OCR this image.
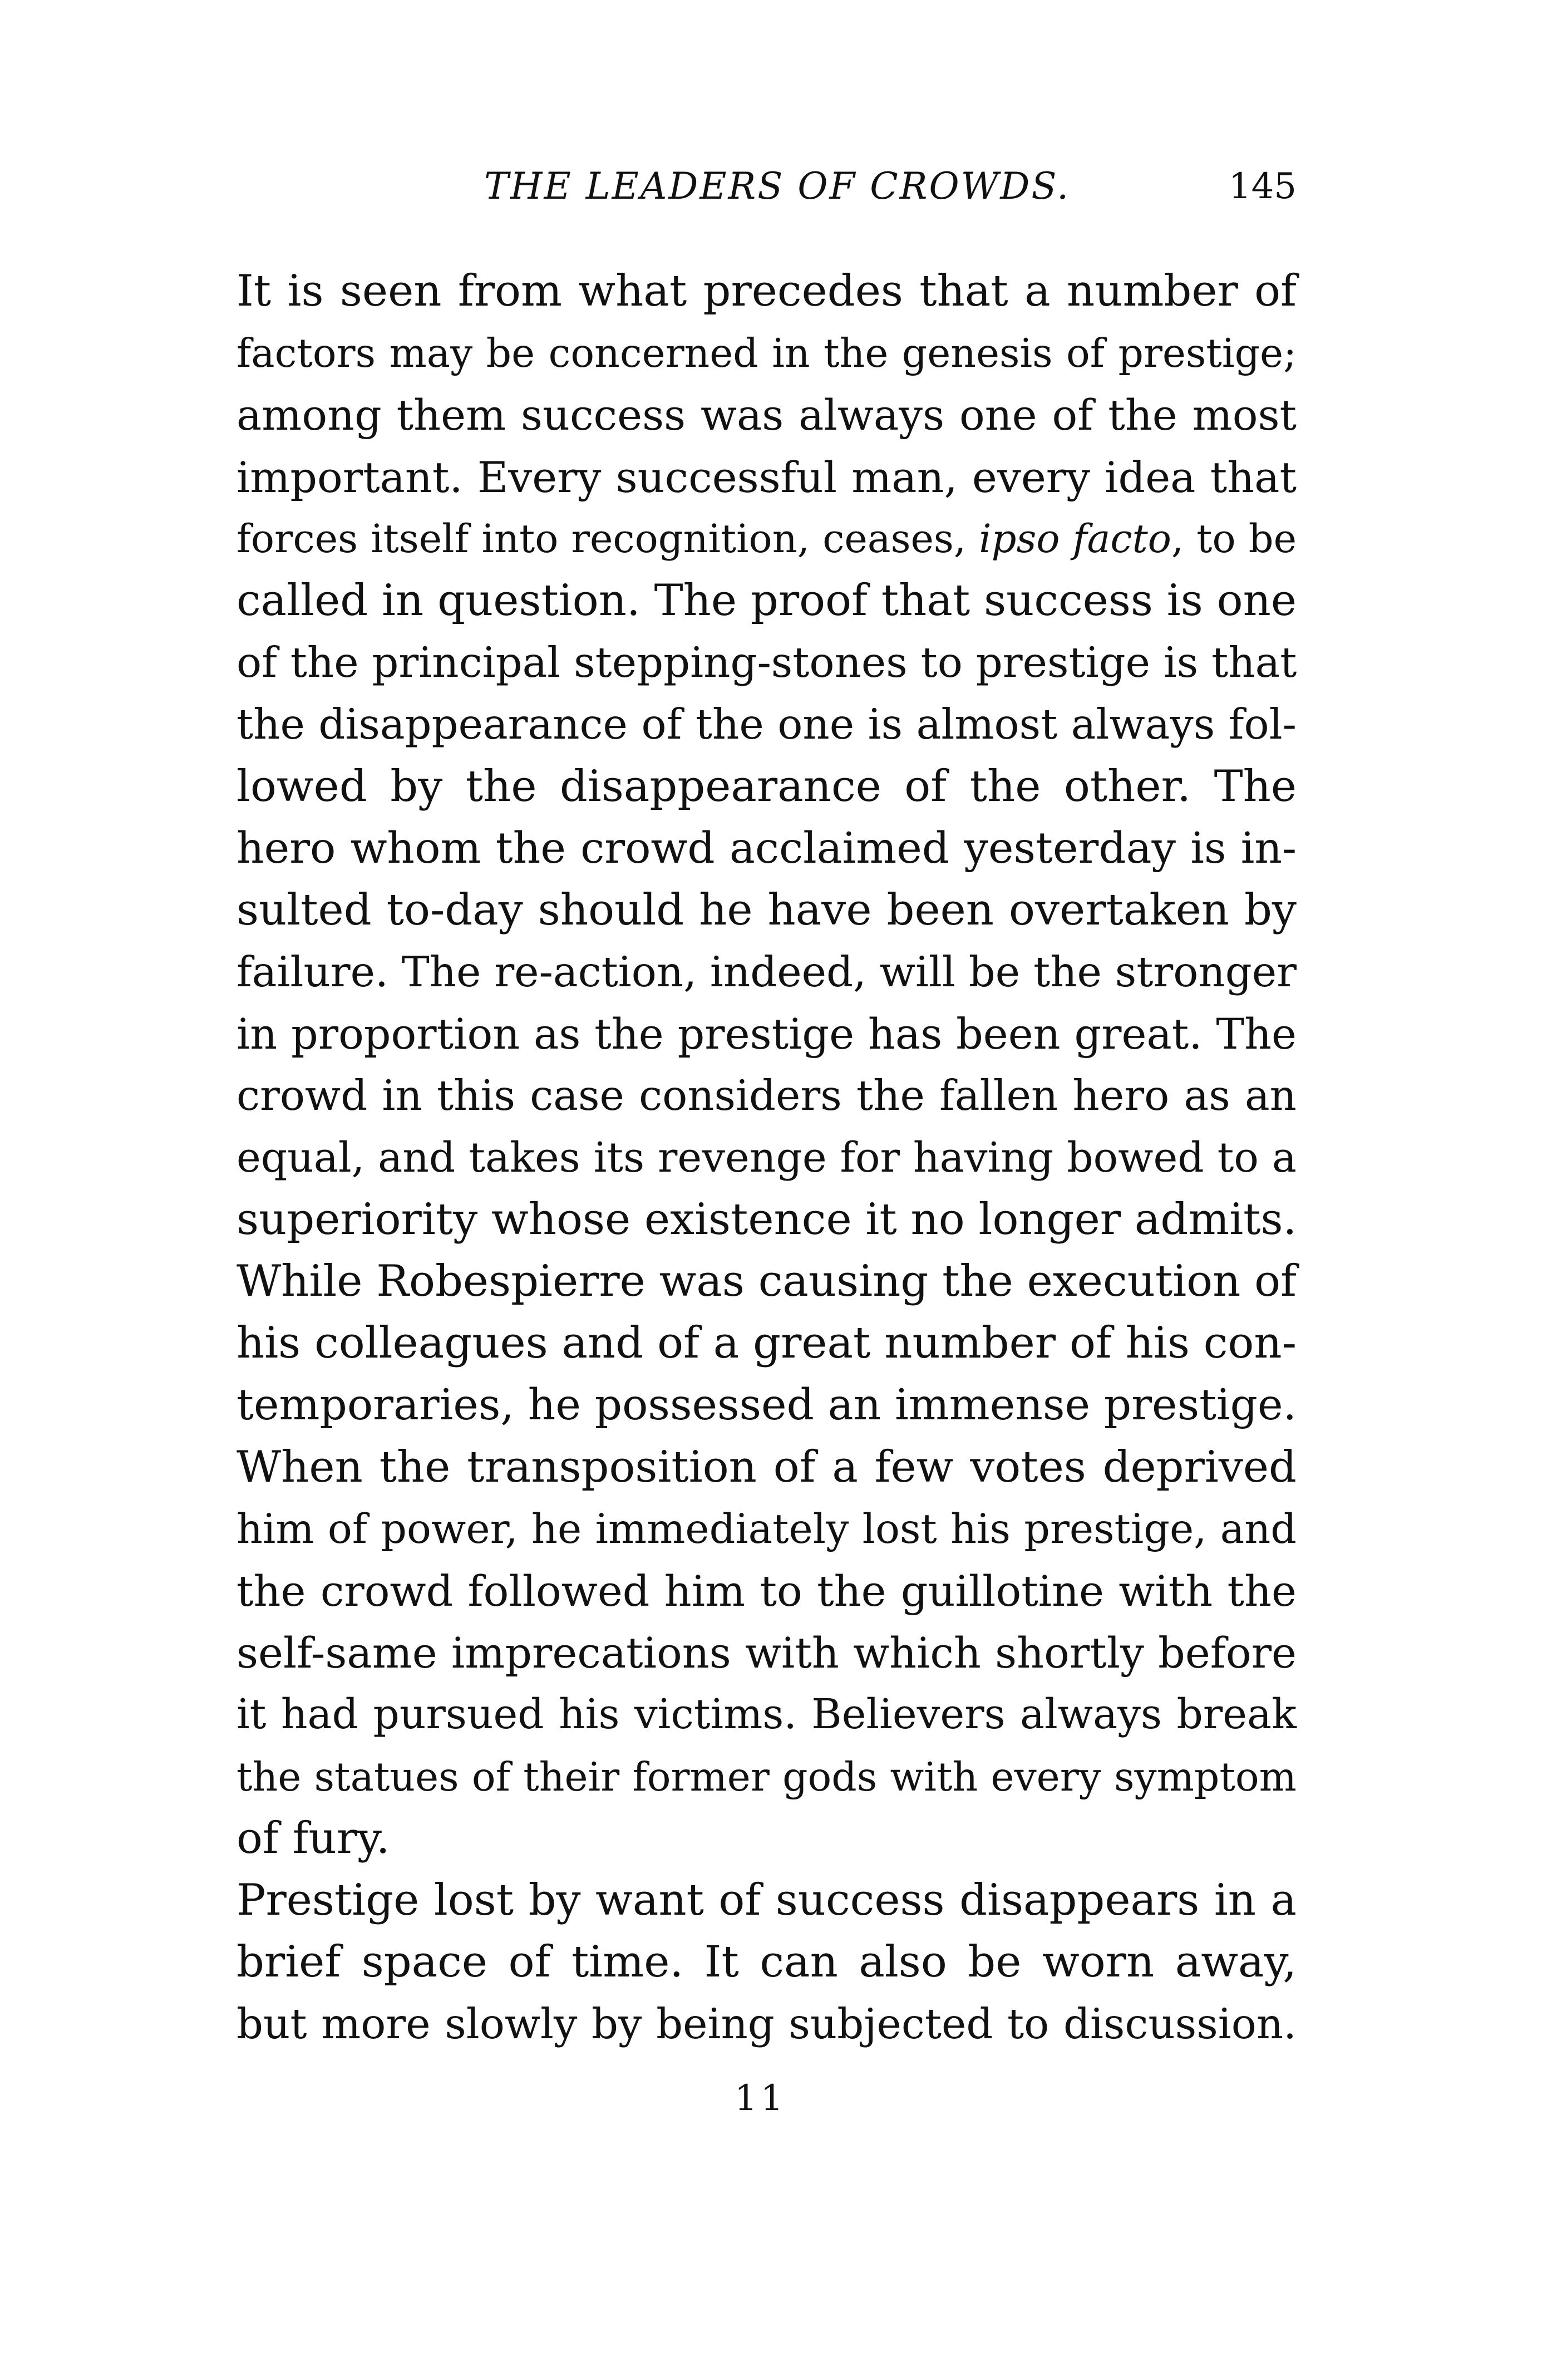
THE LEADERS OF CROWDS.	145
It is seen from what precedes that a number of
factors may be concerned in the genesis of prestige;
among them success was always one of the most
important. Every successful man, every idea that
forces itself into recognition, ceases, ipso facto, to be
called in question. The proof that success is one
of the principal stepping-stones to prestige is that
the disappearance of the one is almost always fol-
lowed by the disappearance of the other. The
hero whom the crowd acclaimed yesterday is in-
sulted to-day should he have been overtaken by
failure. The re-action, indeed, will be the stronger
in proportion as the prestige has been great. The
crowd in this case considers the fallen hero as an
equal, and takes its revenge for having bowed to a
superiority whose existence it no longer admits.
While Robespierre was causing the execution of
his colleagues and of a great number of his con-
temporaries, he possessed an immense prestige.
When the transposition of a few votes deprived
him of power, he immediately lost his prestige, and
the crowd followed him to the guillotine with the
self-same imprecations with which shortly before
it had pursued his victims. Believers always break
the statues of their former gods with every symptom
of fury.
Prestige lost by want of success disappears in a
brief space of time. It can also be worn away,
but more slowly by being subjected to discussion.
11
